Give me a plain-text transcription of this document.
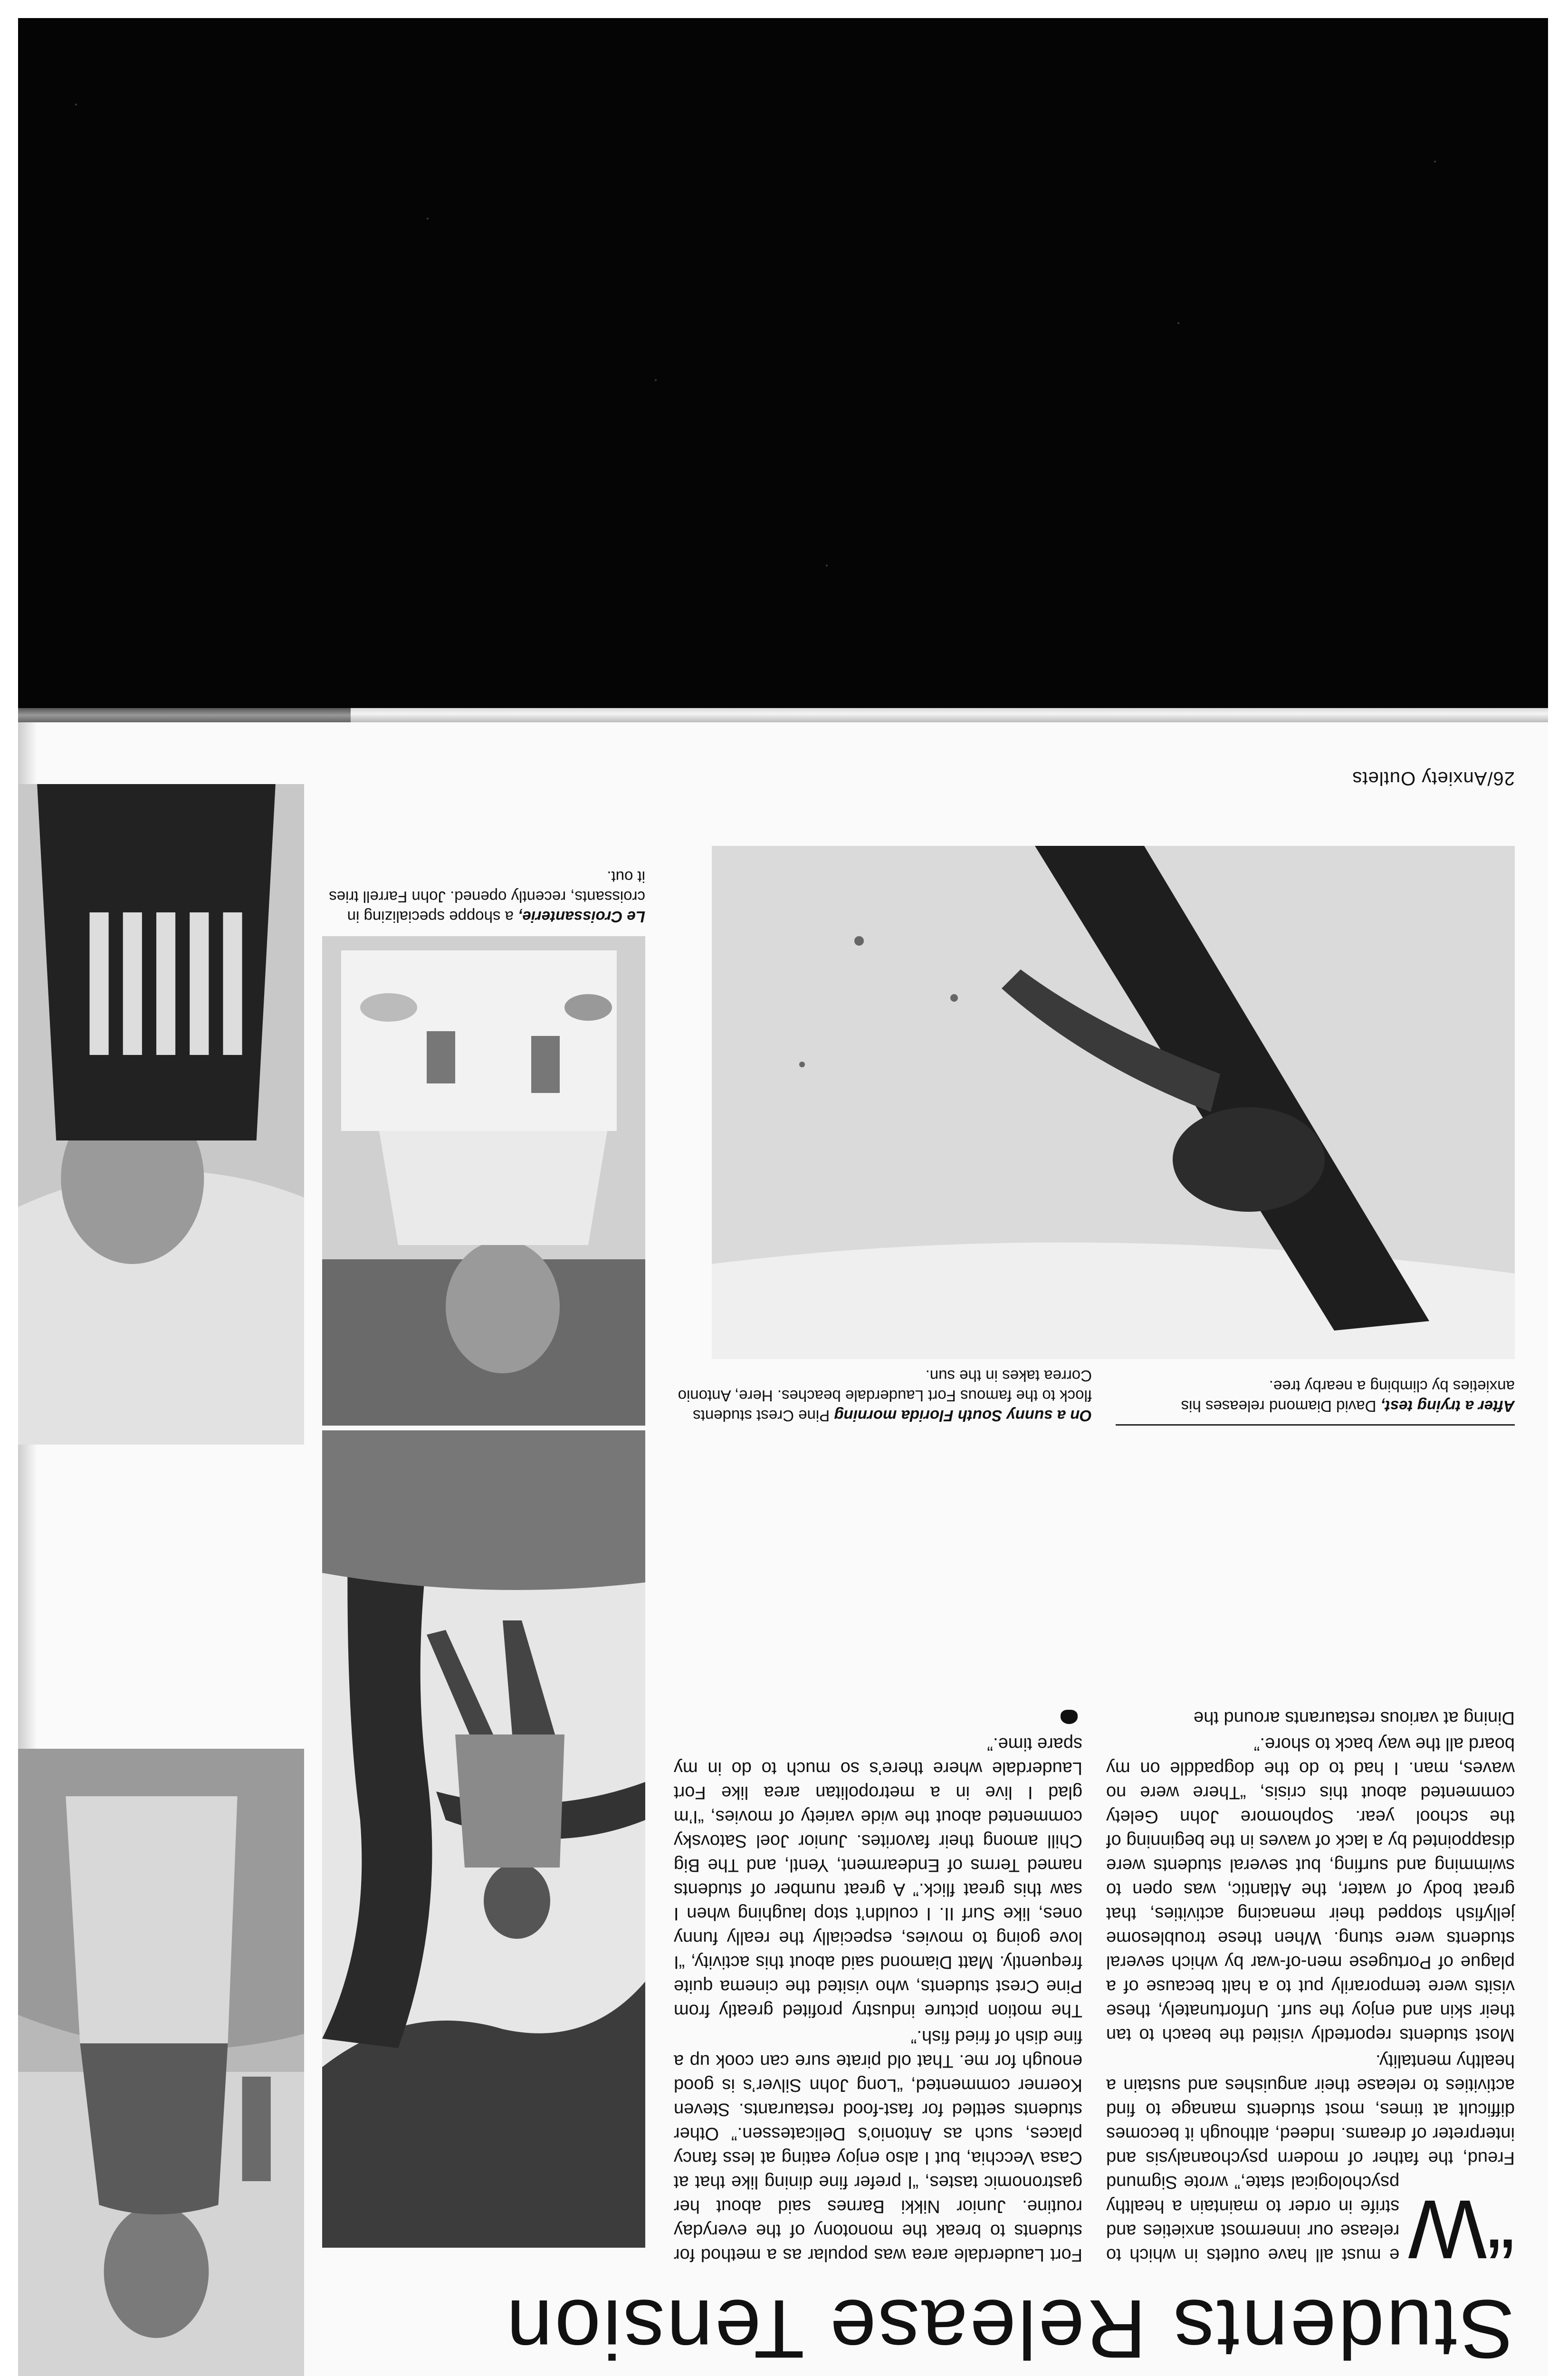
Students Release Tension
“W

e must all have outlets in which to release our innermost anxieties and strife in order to maintain a healthy psychological state,” wrote Sigmund Freud, the father of modern psychoanalysis and interpreter of dreams. Indeed, although it becomes difficult at times, most students manage to find activities to release their anguishes and sustain a healthy mentality.

Most students reportedly visited the beach to tan their skin and enjoy the surf. Unfortunately, these visits were temporarily put to a halt because of a plague of Portugese men-of-war by which several students were stung. When these troublesome jellyfish stopped their menacing activities, that great body of water, the Atlantic, was open to swimming and surfing, but several students were disappointed by a lack of waves in the beginning of the school year. Sophomore John Gelety commented about this crisis, “There were no waves, man. I had to do the dogpaddle on my board all the way back to shore.”

Dining at various restaurants around the

Fort Lauderdale area was popular as a method for students to break the monotony of the everyday routine. Junior Nikki Barnes said about her gastronomic tastes, “I prefer fine dining like that at Casa Vecchia, but I also enjoy eating at less fancy places, such as Antonio’s Delicatessen.” Other students settled for fast-food restaurants. Steven Koerner commented, “Long John Silver’s is good enough for me. That old pirate sure can cook up a fine dish of fried fish.”

The motion picture industry profited greatly from Pine Crest students, who visited the cinema quite frequently. Matt Diamond said about this activity, “I love going to movies, especially the really funny ones, like Surf II. I couldn’t stop laughing when I saw this great flick.” A great number of students named Terms of Endearment, Yentl, and The Big Chill among their favorites. Junior Joel Satovsky commented about the wide variety of movies, “I’m glad I live in a metropolitan area like Fort Lauderdale where there’s so much to do in my spare time.”

After a trying test, David Diamond releases his anxieties by climbing a nearby tree.
On a sunny South Florida morning Pine Crest students flock to the famous Fort Lauderdale beaches. Here, Antonio Correa takes in the sun.
Le Croissanterie, a shoppe specializing in croissants, recently opened. John Farrell tries it out.
26/Anxiety Outlets
